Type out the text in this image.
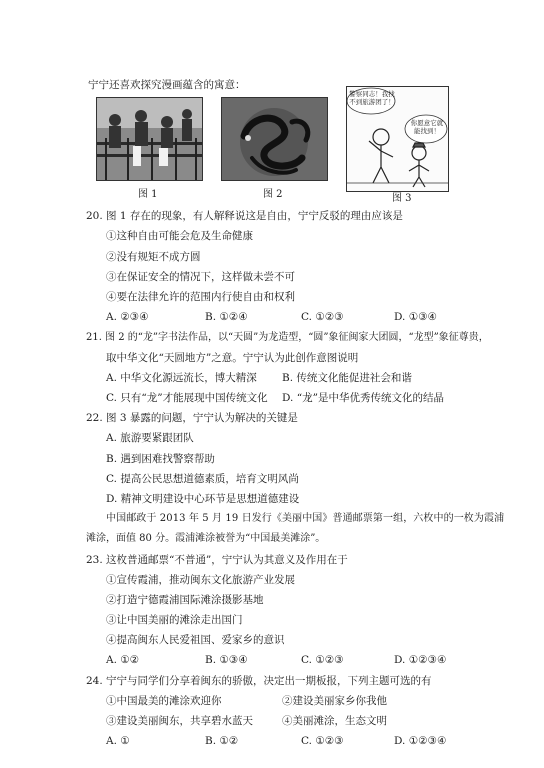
宁宁还喜欢探究漫画蕴含的寓意：
警察同志！我找不到旅游团了！
你愿意它就能找到！
图 1	图 2	图 3
20. 图 1 存在的现象，有人解释说这是自由，宁宁反驳的理由应该是
①这种自由可能会危及生命健康
②没有规矩不成方圆
③在保证安全的情况下，这样做未尝不可
④要在法律允许的范围内行使自由和权利
A. ②③④	B. ①②④	C. ①②③	D. ①③④
21. 图 2 的“龙”字书法作品，以“天圆”为龙造型，“圆”象征闽家大团圆，“龙型”象征尊贵，
取中华文化“天圆地方”之意。宁宁认为此创作意图说明
A. 中华文化源远流长，博大精深 B. 传统文化能促进社会和谐
C. 只有“龙”才能展现中国传统文化 D. “龙”是中华优秀传统文化的结晶
22. 图 3 暴露的问题，宁宁认为解决的关键是
A. 旅游要紧跟团队
B. 遇到困难找警察帮助
C. 提高公民思想道德素质，培育文明风尚
D. 精神文明建设中心环节是思想道德建设
中国邮政于 2013 年 5 月 19 日发行《美丽中国》普通邮票第一组，六枚中的一枚为霞浦
滩涂，面值 80 分。霞浦滩涂被誉为“中国最美滩涂”。
23. 这枚普通邮票“不普通”，宁宁认为其意义及作用在于
①宣传霞浦，推动闽东文化旅游产业发展
②打造宁德霞浦国际滩涂摄影基地
③让中国美丽的滩涂走出国门
④提高闽东人民爱祖国、爱家乡的意识
A. ①②	B. ①③④	C. ①②③	D. ①②③④
24. 宁宁与同学们分享着闽东的骄傲，决定出一期板报，下列主题可选的有
①中国最美的滩涂欢迎你	②建设美丽家乡你我他
③建设美丽闽东，共享碧水蓝天	④美丽滩涂，生态文明
A. ①	B. ①②	C. ①②③	D. ①②③④
